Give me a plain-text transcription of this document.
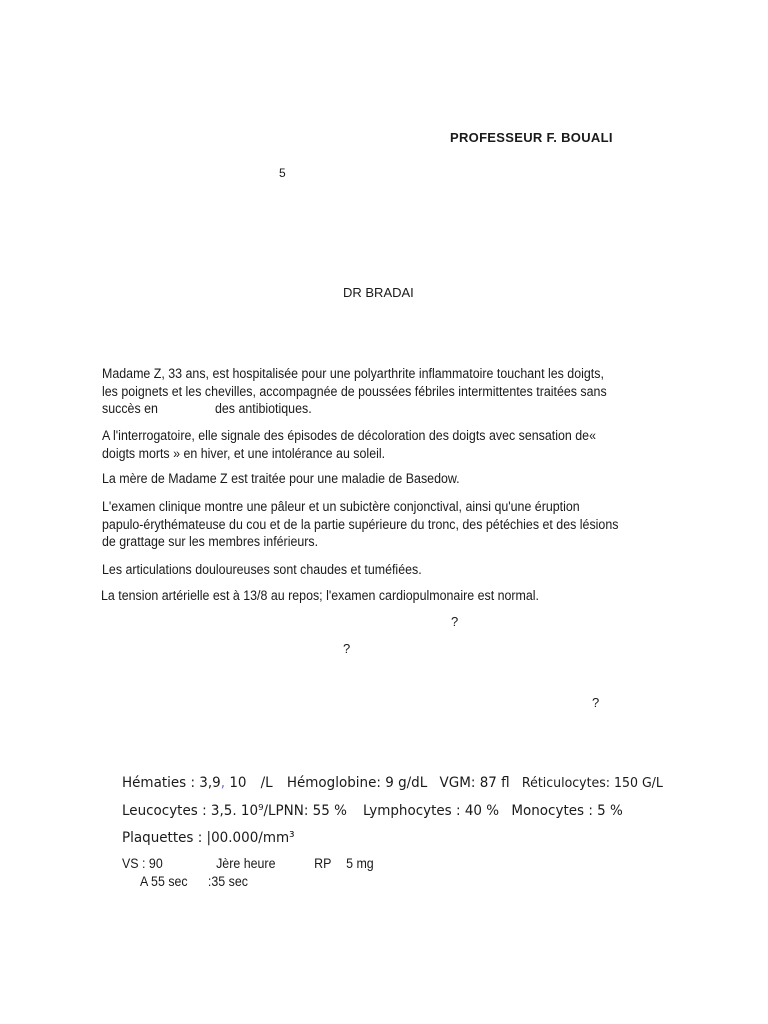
PROFESSEUR F. BOUALI
5
DR BRADAI
Madame Z, 33 ans, est hospitalisée pour une polyarthrite inflammatoire touchant les doigts,
les poignets et les chevilles, accompagnée de poussées fébriles intermittentes traitées sans
succès en	des antibiotiques.
A l'interrogatoire, elle signale des épisodes de décoloration des doigts avec sensation de«
doigts morts » en hiver, et une intolérance au soleil.
La mère de Madame Z est traitée pour une maladie de Basedow.
L'examen clinique montre une pâleur et un subictère conjonctival, ainsi qu'une éruption
papulo-érythémateuse du cou et de la partie supérieure du tronc, des pétéchies et des lésions
de grattage sur les membres inférieurs.
Les articulations douloureuses sont chaudes et tuméfiées.
La tension artérielle est à 13/8 au repos; l'examen cardiopulmonaire est normal.
?
?
?
Hématies : 3,9, 10 /L Hémoglobine: 9 g/dL VGM: 87 fl Réticulocytes: 150 G/L
Leucocytes : 3,5. 10⁹/LPNN: 55 % Lymphocytes : 40 % Monocytes : 5 %
Plaquettes : |00.000/mm³
VS : 90	Jère heure	RP 5 mg
A 55 sec :35 sec
